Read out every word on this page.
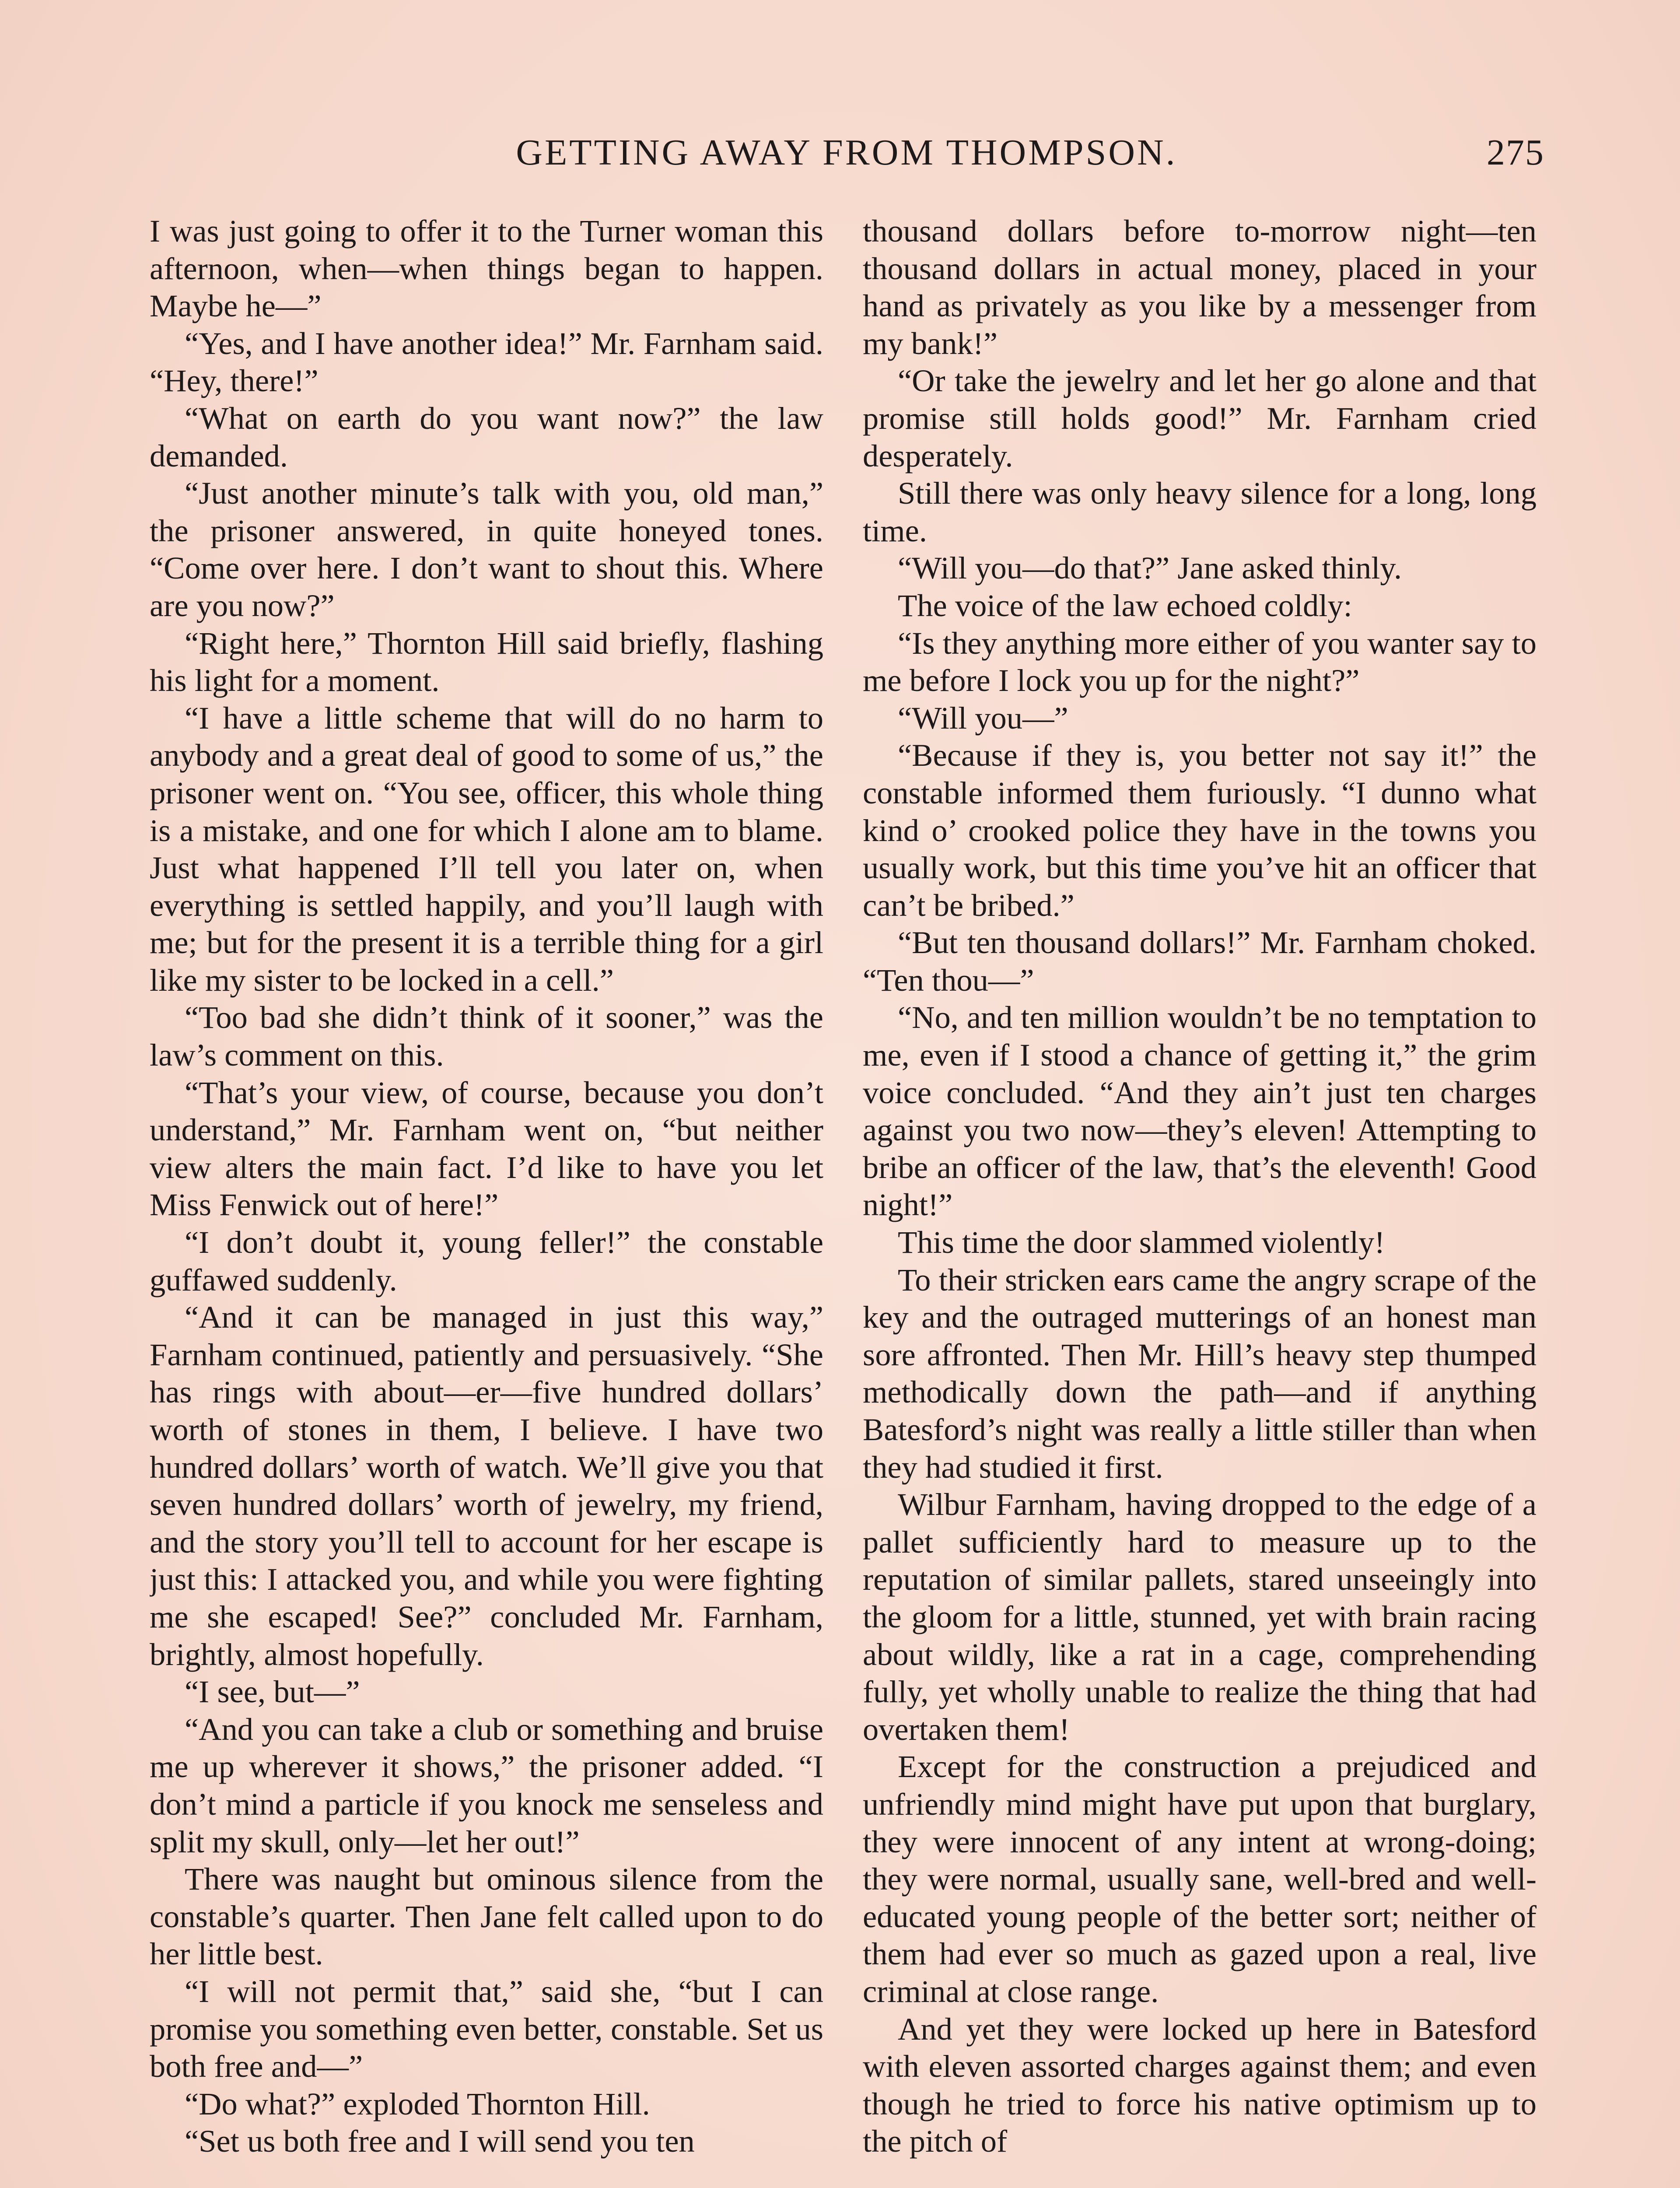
GETTING AWAY FROM THOMPSON.	275

I was just going to offer it to the Turner woman this afternoon, when—when things began to happen. Maybe he—”

“Yes, and I have another idea!” Mr. Farnham said. “Hey, there!”

“What on earth do you want now?” the law demanded.

“Just another minute’s talk with you, old man,” the prisoner answered, in quite honeyed tones. “Come over here. I don’t want to shout this. Where are you now?”

“Right here,” Thornton Hill said briefly, flashing his light for a moment.

“I have a little scheme that will do no harm to anybody and a great deal of good to some of us,” the prisoner went on. “You see, officer, this whole thing is a mistake, and one for which I alone am to blame. Just what happened I’ll tell you later on, when everything is settled happily, and you’ll laugh with me; but for the present it is a terrible thing for a girl like my sister to be locked in a cell.”

“Too bad she didn’t think of it sooner,” was the law’s comment on this.

“That’s your view, of course, because you don’t understand,” Mr. Farnham went on, “but neither view alters the main fact. I’d like to have you let Miss Fenwick out of here!”

“I don’t doubt it, young feller!” the constable guffawed suddenly.

“And it can be managed in just this way,” Farnham continued, patiently and persuasively. “She has rings with about—er—five hundred dollars’ worth of stones in them, I believe. I have two hundred dollars’ worth of watch. We’ll give you that seven hundred dollars’ worth of jewelry, my friend, and the story you’ll tell to account for her escape is just this: I attacked you, and while you were fighting me she escaped! See?” concluded Mr. Farnham, brightly, almost hopefully.

“I see, but—”

“And you can take a club or something and bruise me up wherever it shows,” the prisoner added. “I don’t mind a particle if you knock me senseless and split my skull, only—let her out!”

There was naught but ominous silence from the constable’s quarter. Then Jane felt called upon to do her little best.

“I will not permit that,” said she, “but I can promise you something even better, constable. Set us both free and—”

“Do what?” exploded Thornton Hill.

“Set us both free and I will send you ten

thousand dollars before to-morrow night—ten thousand dollars in actual money, placed in your hand as privately as you like by a messenger from my bank!”

“Or take the jewelry and let her go alone and that promise still holds good!” Mr. Farnham cried desperately.

Still there was only heavy silence for a long, long time.

“Will you—do that?” Jane asked thinly.

The voice of the law echoed coldly:

“Is they anything more either of you wanter say to me before I lock you up for the night?”

“Will you—”

“Because if they is, you better not say it!” the constable informed them furiously. “I dunno what kind o’ crooked police they have in the towns you usually work, but this time you’ve hit an officer that can’t be bribed.”

“But ten thousand dollars!” Mr. Farnham choked. “Ten thou—”

“No, and ten million wouldn’t be no temptation to me, even if I stood a chance of getting it,” the grim voice concluded. “And they ain’t just ten charges against you two now—they’s eleven! Attempting to bribe an officer of the law, that’s the eleventh! Good night!”

This time the door slammed violently!

To their stricken ears came the angry scrape of the key and the outraged mutterings of an honest man sore affronted. Then Mr. Hill’s heavy step thumped methodically down the path—and if anything Batesford’s night was really a little stiller than when they had studied it first.

Wilbur Farnham, having dropped to the edge of a pallet sufficiently hard to measure up to the reputation of similar pallets, stared unseeingly into the gloom for a little, stunned, yet with brain racing about wildly, like a rat in a cage, comprehending fully, yet wholly unable to realize the thing that had overtaken them!

Except for the construction a prejudiced and unfriendly mind might have put upon that burglary, they were innocent of any intent at wrong-doing; they were normal, usually sane, well-bred and well-educated young people of the better sort; neither of them had ever so much as gazed upon a real, live criminal at close range.

And yet they were locked up here in Batesford with eleven assorted charges against them; and even though he tried to force his native optimism up to the pitch of
